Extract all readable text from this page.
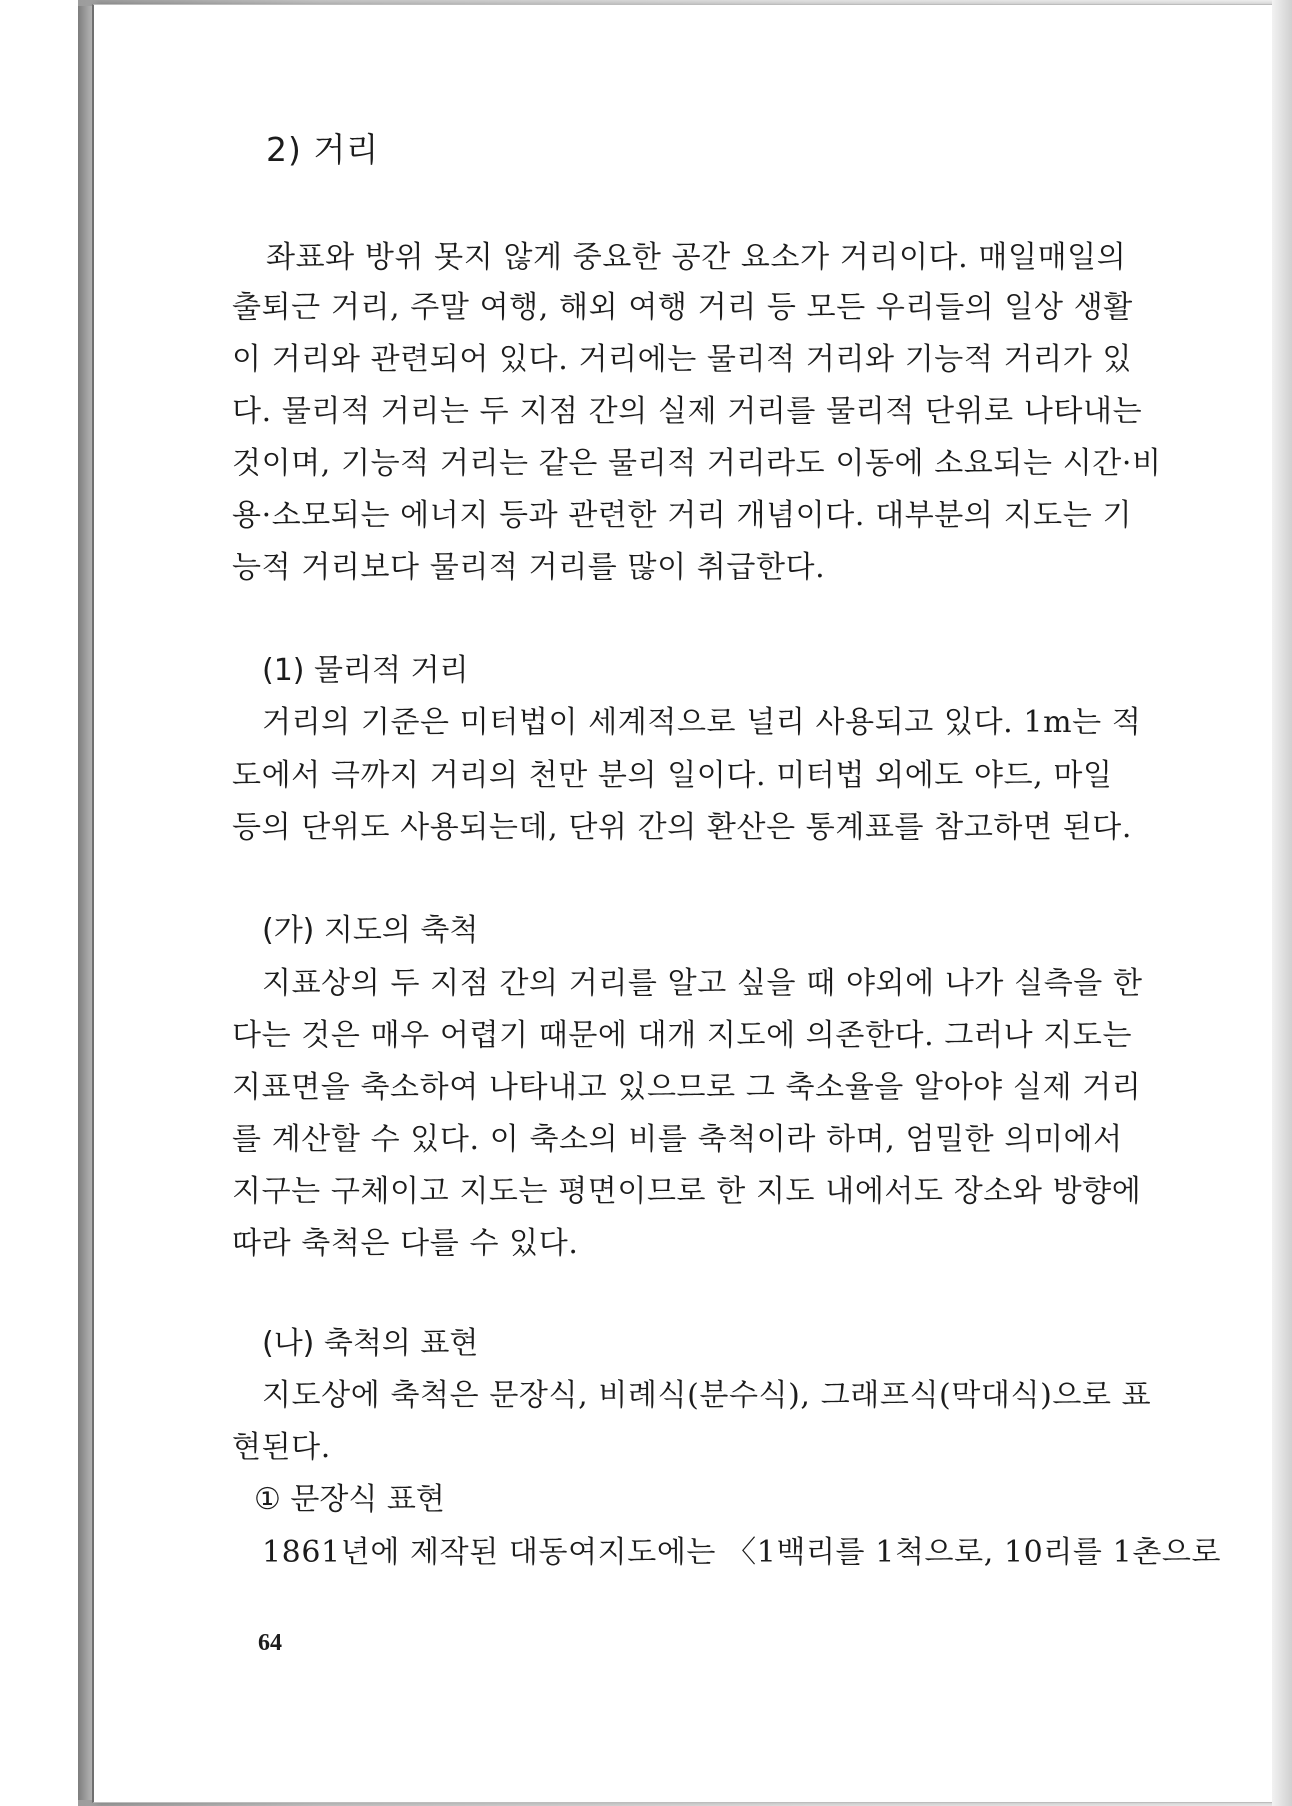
2) 거리
좌표와 방위 못지 않게 중요한 공간 요소가 거리이다. 매일매일의
출퇴근 거리, 주말 여행, 해외 여행 거리 등 모든 우리들의 일상 생활
이 거리와 관련되어 있다. 거리에는 물리적 거리와 기능적 거리가 있
다. 물리적 거리는 두 지점 간의 실제 거리를 물리적 단위로 나타내는
것이며, 기능적 거리는 같은 물리적 거리라도 이동에 소요되는 시간·비
용·소모되는 에너지 등과 관련한 거리 개념이다. 대부분의 지도는 기
능적 거리보다 물리적 거리를 많이 취급한다.
(1) 물리적 거리
거리의 기준은 미터법이 세계적으로 널리 사용되고 있다. 1m는 적
도에서 극까지 거리의 천만 분의 일이다. 미터법 외에도 야드, 마일
등의 단위도 사용되는데, 단위 간의 환산은 통계표를 참고하면 된다.
(가) 지도의 축척
지표상의 두 지점 간의 거리를 알고 싶을 때 야외에 나가 실측을 한
다는 것은 매우 어렵기 때문에 대개 지도에 의존한다. 그러나 지도는
지표면을 축소하여 나타내고 있으므로 그 축소율을 알아야 실제 거리
를 계산할 수 있다. 이 축소의 비를 축척이라 하며, 엄밀한 의미에서
지구는 구체이고 지도는 평면이므로 한 지도 내에서도 장소와 방향에
따라 축척은 다를 수 있다.
(나) 축척의 표현
지도상에 축척은 문장식, 비례식(분수식), 그래프식(막대식)으로 표
현된다.
① 문장식 표현
1861년에 제작된 대동여지도에는 〈1백리를 1척으로, 10리를 1촌으로
64
